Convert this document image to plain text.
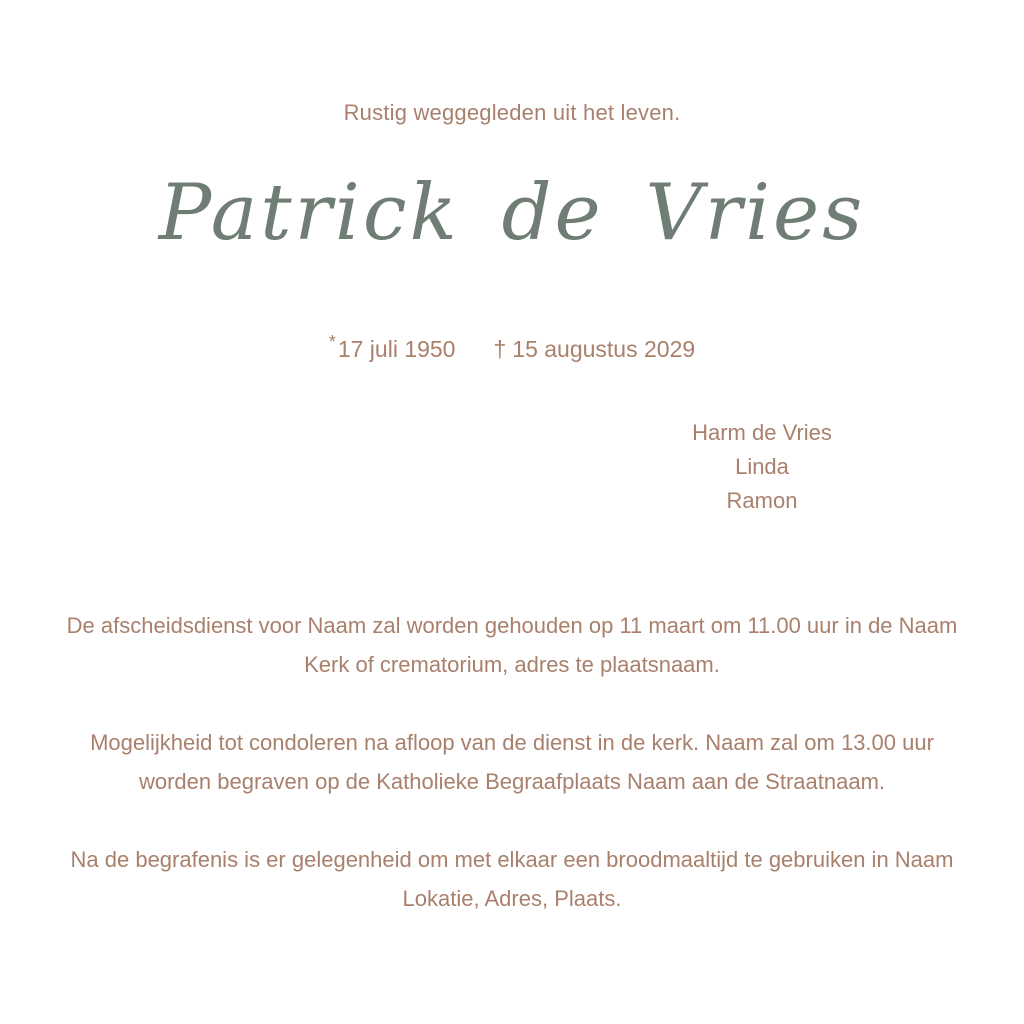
Rustig weggegleden uit het leven.
Patrick de Vries
*17 juli 1950 † 15 augustus 2029
Harm de Vries
Linda
Ramon

De afscheidsdienst voor Naam zal worden gehouden op 11 maart om 11.00 uur in de Naam Kerk of crematorium, adres te plaatsnaam.

Mogelijkheid tot condoleren na afloop van de dienst in de kerk. Naam zal om 13.00 uur worden begraven op de Katholieke Begraafplaats Naam aan de Straatnaam.

Na de begrafenis is er gelegenheid om met elkaar een broodmaaltijd te gebruiken in Naam Lokatie, Adres, Plaats.
